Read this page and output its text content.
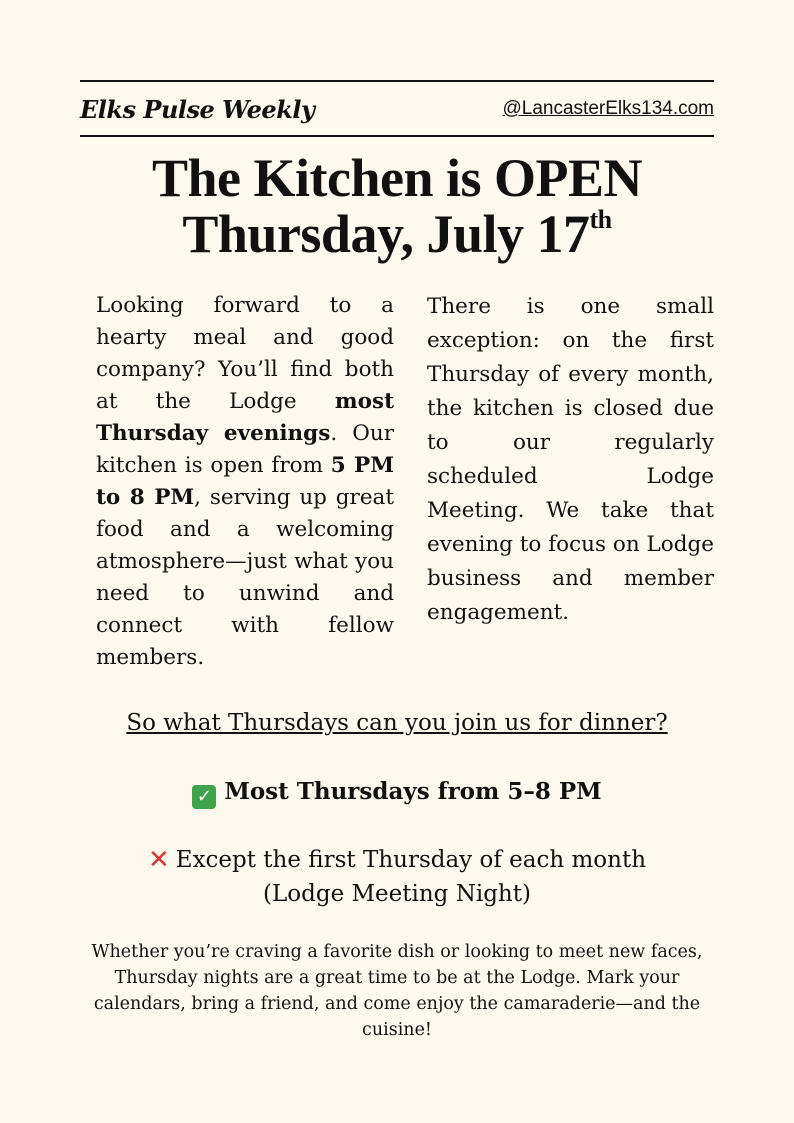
Elks Pulse Weekly	@LancasterElks134.com
The Kitchen is OPEN
Thursday, July 17th

Looking forward to a hearty meal and good company? You’ll find both at the Lodge most Thursday evenings. Our kitchen is open from 5 PM to 8 PM, serving up great food and a welcoming atmosphere—just what you need to unwind and connect with fellow members.

There is one small exception: on the first Thursday of every month, the kitchen is closed due to our regularly scheduled Lodge Meeting. We take that evening to focus on Lodge business and member engagement.

So what Thursdays can you join us for dinner?
✓ Most Thursdays from 5–8 PM
✕ Except the first Thursday of each month
(Lodge Meeting Night)

Whether you’re craving a favorite dish or looking to meet new faces, Thursday nights are a great time to be at the Lodge. Mark your calendars, bring a friend, and come enjoy the camaraderie—and the cuisine!
